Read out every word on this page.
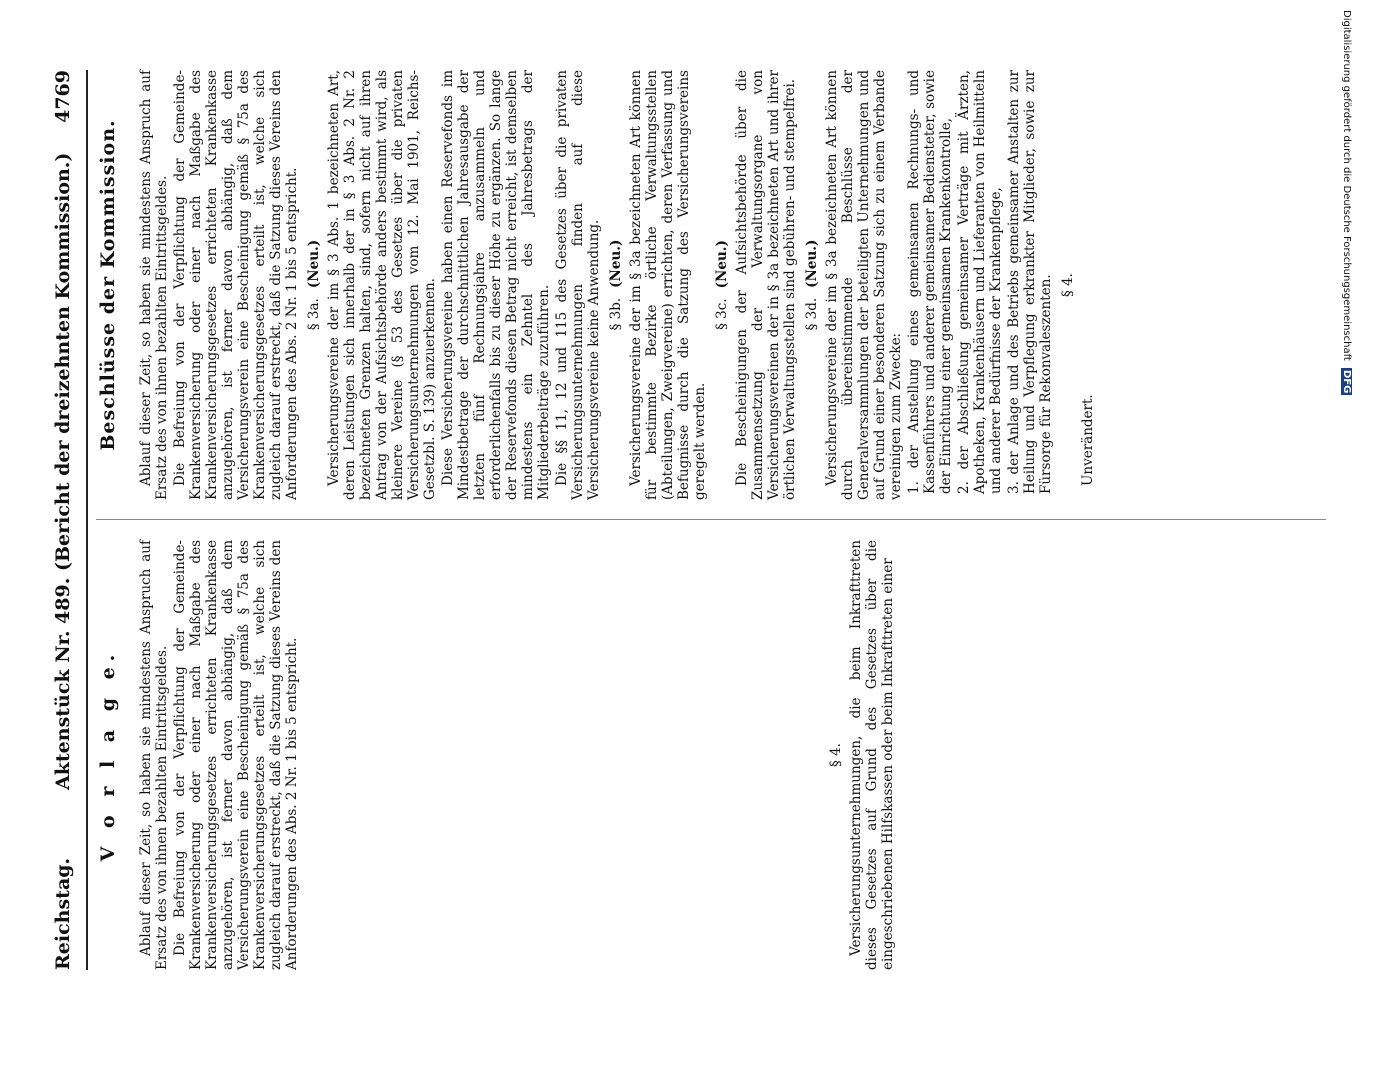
Reichstag.
Aktenstück Nr. 489. (Bericht der dreizehnten Kommission.)
4769

V o r l a g e. Ablauf dieser Zeit, so haben sie mindestens Anspruch auf Ersatz des von ihnen bezahlten Eintrittsgeldes. Die Befreiung von der Verpflichtung der Gemeinde-Krankenversicherung oder einer nach Maßgabe des Krankenversicherungsgesetzes errichteten Krankenkasse anzugehören, ist ferner davon abhängig, daß dem Versicherungsverein eine Bescheinigung gemäß § 75a des Krankenversicherungsgesetzes erteilt ist, welche sich zugleich darauf erstreckt, daß die Satzung dieses Vereins den Anforderungen des Abs. 2 Nr. 1 bis 5 entspricht.	§ 4. Versicherungsunternehmungen, die beim Inkrafttreten dieses Gesetzes auf Grund des Gesetzes über die eingeschriebenen Hilfskassen oder beim Inkrafttreten einer

Beschlüsse der Kommission. Ablauf dieser Zeit, so haben sie mindestens Anspruch auf Ersatz des von ihnen bezahlten Eintrittsgeldes. Die Befreiung von der Verpflichtung der Gemeinde-Krankenversicherung oder einer nach Maßgabe des Krankenversicherungsgesetzes errichteten Krankenkasse anzugehören, ist ferner davon abhängig, daß dem Versicherungsverein eine Bescheinigung gemäß § 75a des Krankenversicherungsgesetzes erteilt ist, welche sich zugleich darauf erstreckt, daß die Satzung dieses Vereins den Anforderungen des Abs. 2 Nr. 1 bis 5 entspricht. § 3a.(Neu.) Versicherungsvereine der im § 3 Abs. 1 bezeichneten Art, deren Leistungen sich innerhalb der in § 3 Abs. 2 Nr. 2 bezeichneten Grenzen halten, sind, sofern nicht auf ihren Antrag von der Aufsichtsbehörde anders bestimmt wird, als kleinere Vereine (§ 53 des Gesetzes über die privaten Versicherungsunternehmungen vom 12. Mai 1901, Reichs-Gesetzbl. S. 139) anzuerkennen. Diese Versicherungsvereine haben einen Reservefonds im Mindestbetrage der durchschnittlichen Jahresausgabe der letzten fünf Rechnungsjahre anzusammeln und erforderlichenfalls bis zu dieser Höhe zu ergänzen. So lange der Reservefonds diesen Betrag nicht erreicht, ist demselben mindestens ein Zehntel des Jahresbetrags der Mitgliederbeiträge zuzuführen. Die §§ 11, 12 und 115 des Gesetzes über die privaten Versicherungsunternehmungen finden auf diese Versicherungsvereine keine Anwendung. § 3b.(Neu.) Versicherungsvereine der im § 3a bezeichneten Art können für bestimmte Bezirke örtliche Verwaltungsstellen (Abteilungen, Zweigvereine) errichten, deren Verfassung und Befugnisse durch die Satzung des Versicherungsvereins geregelt werden.

§ 3c.(Neu.) Die Bescheinigungen der Aufsichtsbehörde über die Zusammensetzung der Verwaltungsorgane von Versicherungsvereinen der in § 3a bezeichneten Art und ihrer örtlichen Verwaltungsstellen sind gebühren- und stempelfrei. § 3d.(Neu.) Versicherungsvereine der im § 3a bezeichneten Art können durch übereinstimmende Beschlüsse der Generalversammlungen der beteiligten Unternehmungen und auf Grund einer besonderen Satzung sich zu einem Verbande vereinigen zum Zwecke: 1. der Anstellung eines gemeinsamen Rechnungs- und Kassenführers und anderer gemeinsamer Bediensteter, sowie der Einrichtung einer gemeinsamen Krankenkontrolle, 2. der Abschließung gemeinsamer Verträge mit Ärzten, Apotheken, Krankenhäusern und Lieferanten von Heilmitteln und anderer Bedürfnisse der Krankenpflege, 3. der Anlage und des Betriebs gemeinsamer Anstalten zur Heilung und Verpflegung erkrankter Mitglieder, sowie zur Fürsorge für Rekonvaleszenten. § 4.

Unverändert.

Digitalisierung gefördert durch die Deutsche Forschungsgemeinschaft DFG
